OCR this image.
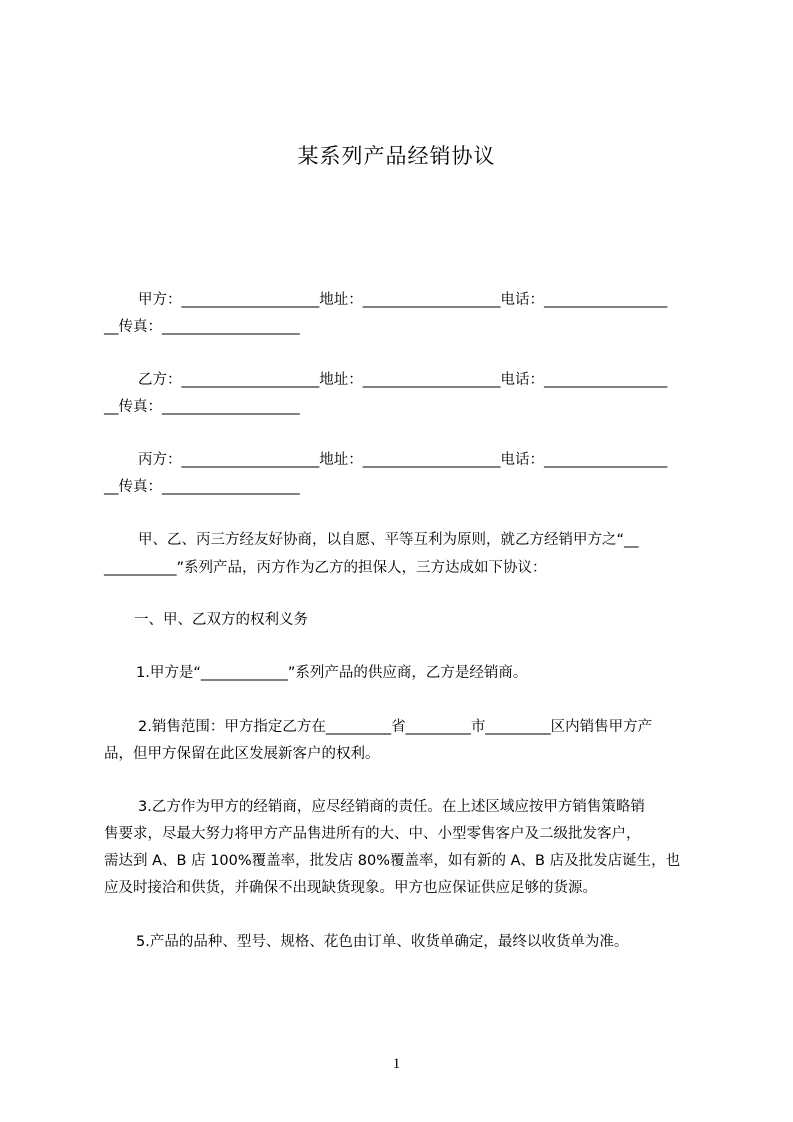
某系列产品经销协议
甲方：___________________地址：___________________电话：_________________
__传真：___________________
乙方：___________________地址：___________________电话：_________________
__传真：___________________
丙方：___________________地址：___________________电话：_________________
__传真：___________________
甲、乙、丙三方经友好协商，以自愿、平等互利为原则，就乙方经销甲方之“__
__________”系列产品，丙方作为乙方的担保人，三方达成如下协议：
一、甲、乙双方的权利义务
1.甲方是“____________”系列产品的供应商，乙方是经销商。
2.销售范围：甲方指定乙方在_________省_________市_________区内销售甲方产
品，但甲方保留在此区发展新客户的权利。
3.乙方作为甲方的经销商，应尽经销商的责任。在上述区域应按甲方销售策略销
售要求，尽最大努力将甲方产品售进所有的大、中、小型零售客户及二级批发客户，
需达到 A、B 店 100%覆盖率，批发店 80%覆盖率，如有新的 A、B 店及批发店诞生，也
应及时接洽和供货，并确保不出现缺货现象。甲方也应保证供应足够的货源。
5.产品的品种、型号、规格、花色由订单、收货单确定，最终以收货单为准。
1
